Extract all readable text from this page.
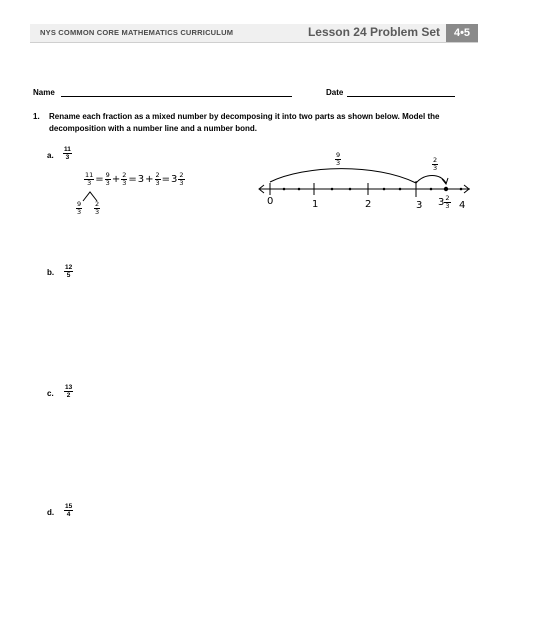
NYS COMMON CORE MATHEMATICS CURRICULUM	Lesson 24 Problem Set	4•5
Name	Date
1. Rename each fraction as a mixed number by decomposing it into two parts as shown below. Model the
decomposition with a number line and a number bond.
a. $\frac{11}{3}$
$\frac{11}{3} = \frac{9}{3} + \frac{2}{3} = 3 + \frac{2}{3} = 3 \frac{2}{3}$
$\frac{9}{3} \frac{2}{3}$	0	1	2	3	4
$\frac{9}{3}$	$\frac{2}{3}$
$3 \frac{2}{3}$
b. $\frac{12}{5}$
c. $\frac{13}{2}$
d. $\frac{15}{4}$
